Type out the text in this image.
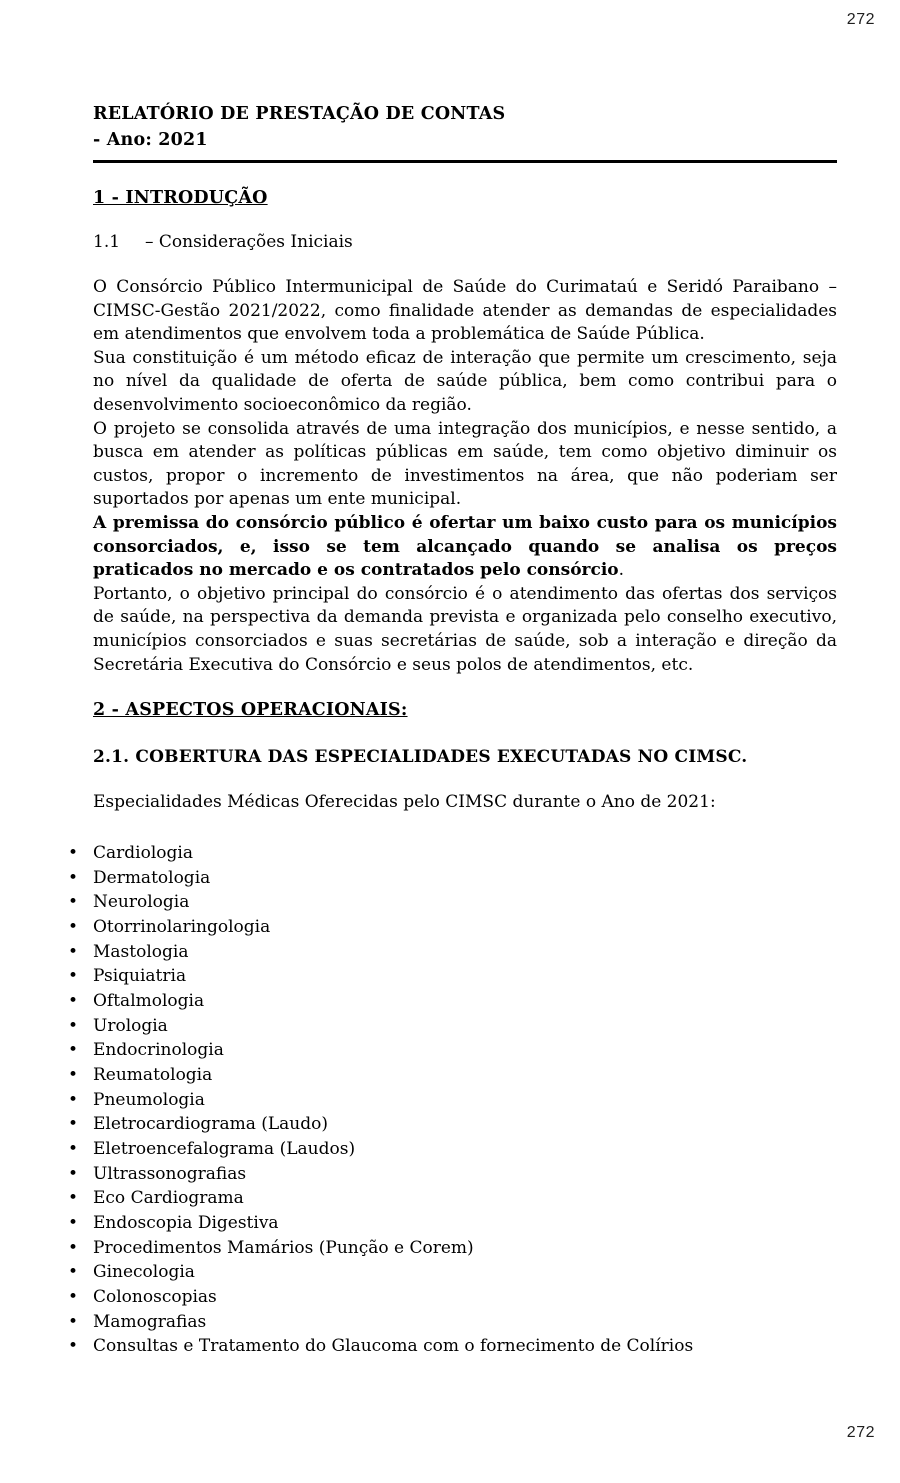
272
RELATÓRIO DE PRESTAÇÃO DE CONTAS
- Ano: 2021
1 - INTRODUÇÃO
1.1 – Considerações Iniciais

O Consórcio Público Intermunicipal de Saúde do Curimataú e Seridó Paraibano – CIMSC-Gestão 2021/2022, como finalidade atender as demandas de especialidades em atendimentos que envolvem toda a problemática de Saúde Pública.

Sua constituição é um método eficaz de interação que permite um crescimento, seja no nível da qualidade de oferta de saúde pública, bem como contribui para o desenvolvimento socioeconômico da região.

O projeto se consolida através de uma integração dos municípios, e nesse sentido, a busca em atender as políticas públicas em saúde, tem como objetivo diminuir os custos, propor o incremento de investimentos na área, que não poderiam ser suportados por apenas um ente municipal.

A premissa do consórcio público é ofertar um baixo custo para os municípios consorciados, e, isso se tem alcançado quando se analisa os preços praticados no mercado e os contratados pelo consórcio.

Portanto, o objetivo principal do consórcio é o atendimento das ofertas dos serviços de saúde, na perspectiva da demanda prevista e organizada pelo conselho executivo, municípios consorciados e suas secretárias de saúde, sob a interação e direção da Secretária Executiva do Consórcio e seus polos de atendimentos, etc.

2 - ASPECTOS OPERACIONAIS:
2.1. COBERTURA DAS ESPECIALIDADES EXECUTADAS NO CIMSC.
Especialidades Médicas Oferecidas pelo CIMSC durante o Ano de 2021:
• Cardiologia
• Dermatologia
• Neurologia
• Otorrinolaringologia
• Mastologia
• Psiquiatria
• Oftalmologia
• Urologia
• Endocrinologia
• Reumatologia
• Pneumologia
• Eletrocardiograma (Laudo)
• Eletroencefalograma (Laudos)
• Ultrassonografias
• Eco Cardiograma
• Endoscopia Digestiva
• Procedimentos Mamários (Punção e Corem)
• Ginecologia
• Colonoscopias
• Mamografias
• Consultas e Tratamento do Glaucoma com o fornecimento de Colírios
272
